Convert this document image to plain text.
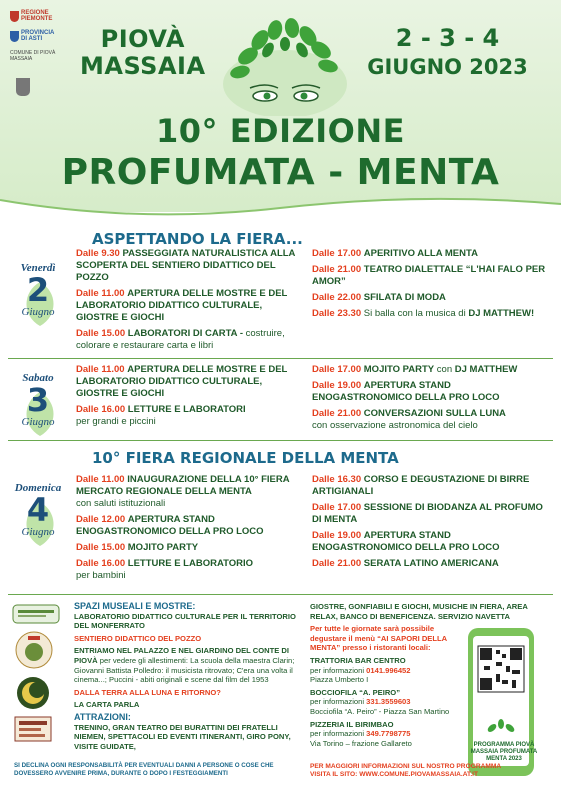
REGIONE PIEMONTE
PROVINCIA DI ASTI
COMUNE DI PIOVÀ MASSAIA
PIOVÀ
MASSAIA
2 - 3 - 4
GIUGNO 2023
10° EDIZIONE
PROFUMATA - MENTA
ASPETTANDO LA FIERA...
Venerdì
2
Giugno
Dalle 9.30 PASSEGGIATA NATURALISTICA ALLA SCOPERTA DEL SENTIERO DIDATTICO DEL POZZO
Dalle 11.00 APERTURA DELLE MOSTRE E DEL LABORATORIO DIDATTICO CULTURALE, GIOSTRE E GIOCHI
Dalle 15.00 LABORATORI DI CARTA - costruire, colorare e restaurare carta e libri
Dalle 17.00 APERITIVO ALLA MENTA
Dalle 21.00 TEATRO DIALETTALE “L'HAI FALO PER AMOR”
Dalle 22.00 SFILATA DI MODA
Dalle 23.30 Si balla con la musica di DJ MATTHEW!
Sabato
3
Giugno
Dalle 11.00 APERTURA DELLE MOSTRE E DEL LABORATORIO DIDATTICO CULTURALE, GIOSTRE E GIOCHI
Dalle 16.00 LETTURE E LABORATORI
per grandi e piccini
Dalle 17.00 MOJITO PARTY con DJ MATTHEW
Dalle 19.00 APERTURA STAND ENOGASTRONOMICO DELLA PRO LOCO
Dalle 21.00 CONVERSAZIONI SULLA LUNA
con osservazione astronomica del cielo
10° FIERA REGIONALE DELLA MENTA
Domenica
4
Giugno
Dalle 11.00 INAUGURAZIONE DELLA 10° FIERA MERCATO REGIONALE DELLA MENTA
con saluti istituzionali
Dalle 12.00 APERTURA STAND ENOGASTRONOMICO DELLA PRO LOCO
Dalle 15.00 MOJITO PARTY
Dalle 16.00 LETTURE E LABORATORIO
per bambini
Dalle 16.30 CORSO E DEGUSTAZIONE DI BIRRE ARTIGIANALI
Dalle 17.00 SESSIONE DI BIODANZA AL PROFUMO DI MENTA
Dalle 19.00 APERTURA STAND ENOGASTRONOMICO DELLA PRO LOCO
Dalle 21.00 SERATA LATINO AMERICANA
SPAZI MUSEALI E MOSTRE:
LABORATORIO DIDATTICO CULTURALE PER IL TERRITORIO DEL MONFERRATO
SENTIERO DIDATTICO DEL POZZO
ENTRIAMO NEL PALAZZO E NEL GIARDINO DEL CONTE DI PIOVÀ per vedere gli allestimenti: La scuola della maestra Clarin; Giovanni Battista Polledro: il musicista ritrovato; C'era una volta il cinema...; Puccini - abiti originali e scene dal film del 1953
DALLA TERRA ALLA LUNA E RITORNO?
LA CARTA PARLA
ATTRAZIONI:
TRENINO, GRAN TEATRO DEI BURATTINI DEI FRATELLI NIEMEN, SPETTACOLI ED EVENTI ITINERANTI, GIRO PONY, VISITE GUIDATE,
GIOSTRE, GONFIABILI E GIOCHI, MUSICHE IN FIERA, AREA RELAX, BANCO DI BENEFICENZA. SERVIZIO NAVETTA
Per tutte le giornate sarà possibile degustare il menù “AI SAPORI DELLA MENTA” presso i ristoranti locali:
TRATTORIA BAR CENTRO
per informazioni 0141.996452
Piazza Umberto I
BOCCIOFILA “A. PEIRO”
per informazioni 331.3559603
Bocciofila “A. Peiro” - Piazza San Martino
PIZZERIA IL BIRIMBAO
per informazioni 349.7798775
Via Torino – frazione Gallareto	PROGRAMMA PIOVÀ MASSAIA PROFUMATA MENTA 2023
SI DECLINA OGNI RESPONSABILITÀ PER EVENTUALI DANNI A PERSONE O COSE CHE DOVESSERO AVVENIRE PRIMA, DURANTE O DOPO I FESTEGGIAMENTI
PER MAGGIORI INFORMAZIONI SUL NOSTRO PROGRAMMA VISITA IL SITO: WWW.COMUNE.PIOVAMASSAIA.AT.IT
